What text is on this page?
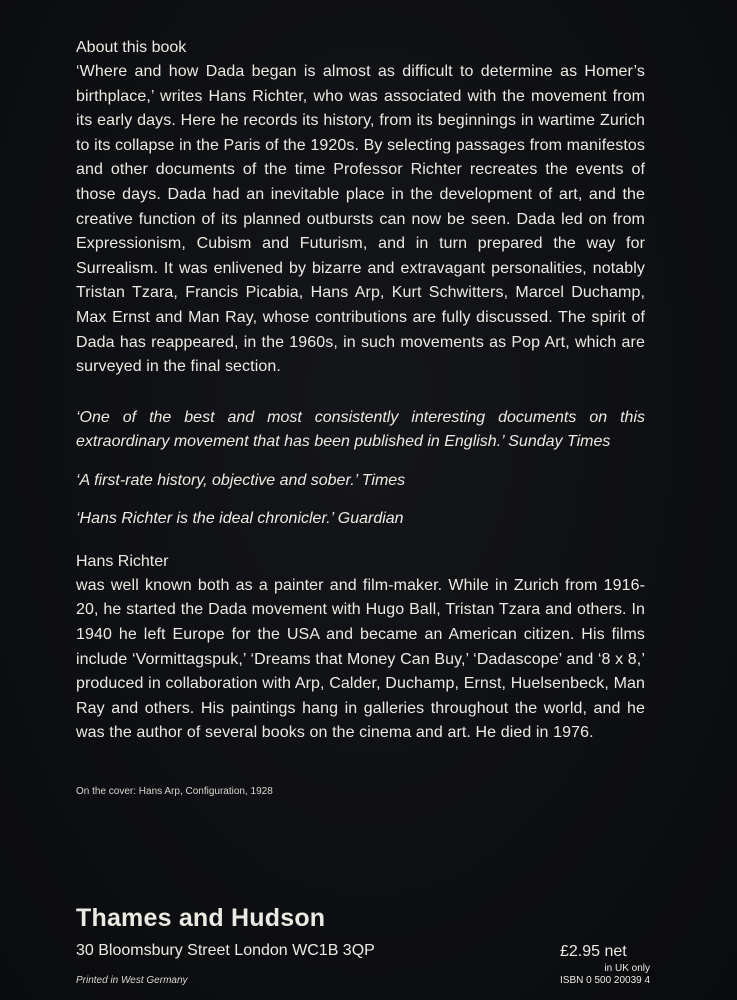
About this book

‘Where and how Dada began is almost as difficult to determine as Homer’s birthplace,’ writes Hans Richter, who was associated with the movement from its early days. Here he records its history, from its beginnings in wartime Zurich to its collapse in the Paris of the 1920s. By selecting passages from manifestos and other documents of the time Professor Richter recreates the events of those days. Dada had an inevitable place in the development of art, and the creative function of its planned outbursts can now be seen. Dada led on from Expressionism, Cubism and Futurism, and in turn prepared the way for Surrealism. It was enlivened by bizarre and extravagant personalities, notably Tristan Tzara, Francis Picabia, Hans Arp, Kurt Schwitters, Marcel Duchamp, Max Ernst and Man Ray, whose contributions are fully discussed. The spirit of Dada has reappeared, in the 1960s, in such movements as Pop Art, which are surveyed in the final section.

‘One of the best and most consistently interesting documents on this extraordinary movement that has been published in English.’ Sunday Times

‘A first-rate history, objective and sober.’ Times

‘Hans Richter is the ideal chronicler.’ Guardian

Hans Richter

was well known both as a painter and film-maker. While in Zurich from 1916-20, he started the Dada movement with Hugo Ball, Tristan Tzara and others. In 1940 he left Europe for the USA and became an American citizen. His films include ‘Vormittagspuk,’ ‘Dreams that Money Can Buy,’ ‘Dadascope’ and ‘8 x 8,’ produced in collaboration with Arp, Calder, Duchamp, Ernst, Huelsenbeck, Man Ray and others. His paintings hang in galleries throughout the world, and he was the author of several books on the cinema and art. He died in 1976.

On the cover: Hans Arp, Configuration, 1928

Thames and Hudson

30 Bloomsbury Street London WC1B 3QP

Printed in West Germany

£2.95 net

in UK only

ISBN 0 500 20039 4
